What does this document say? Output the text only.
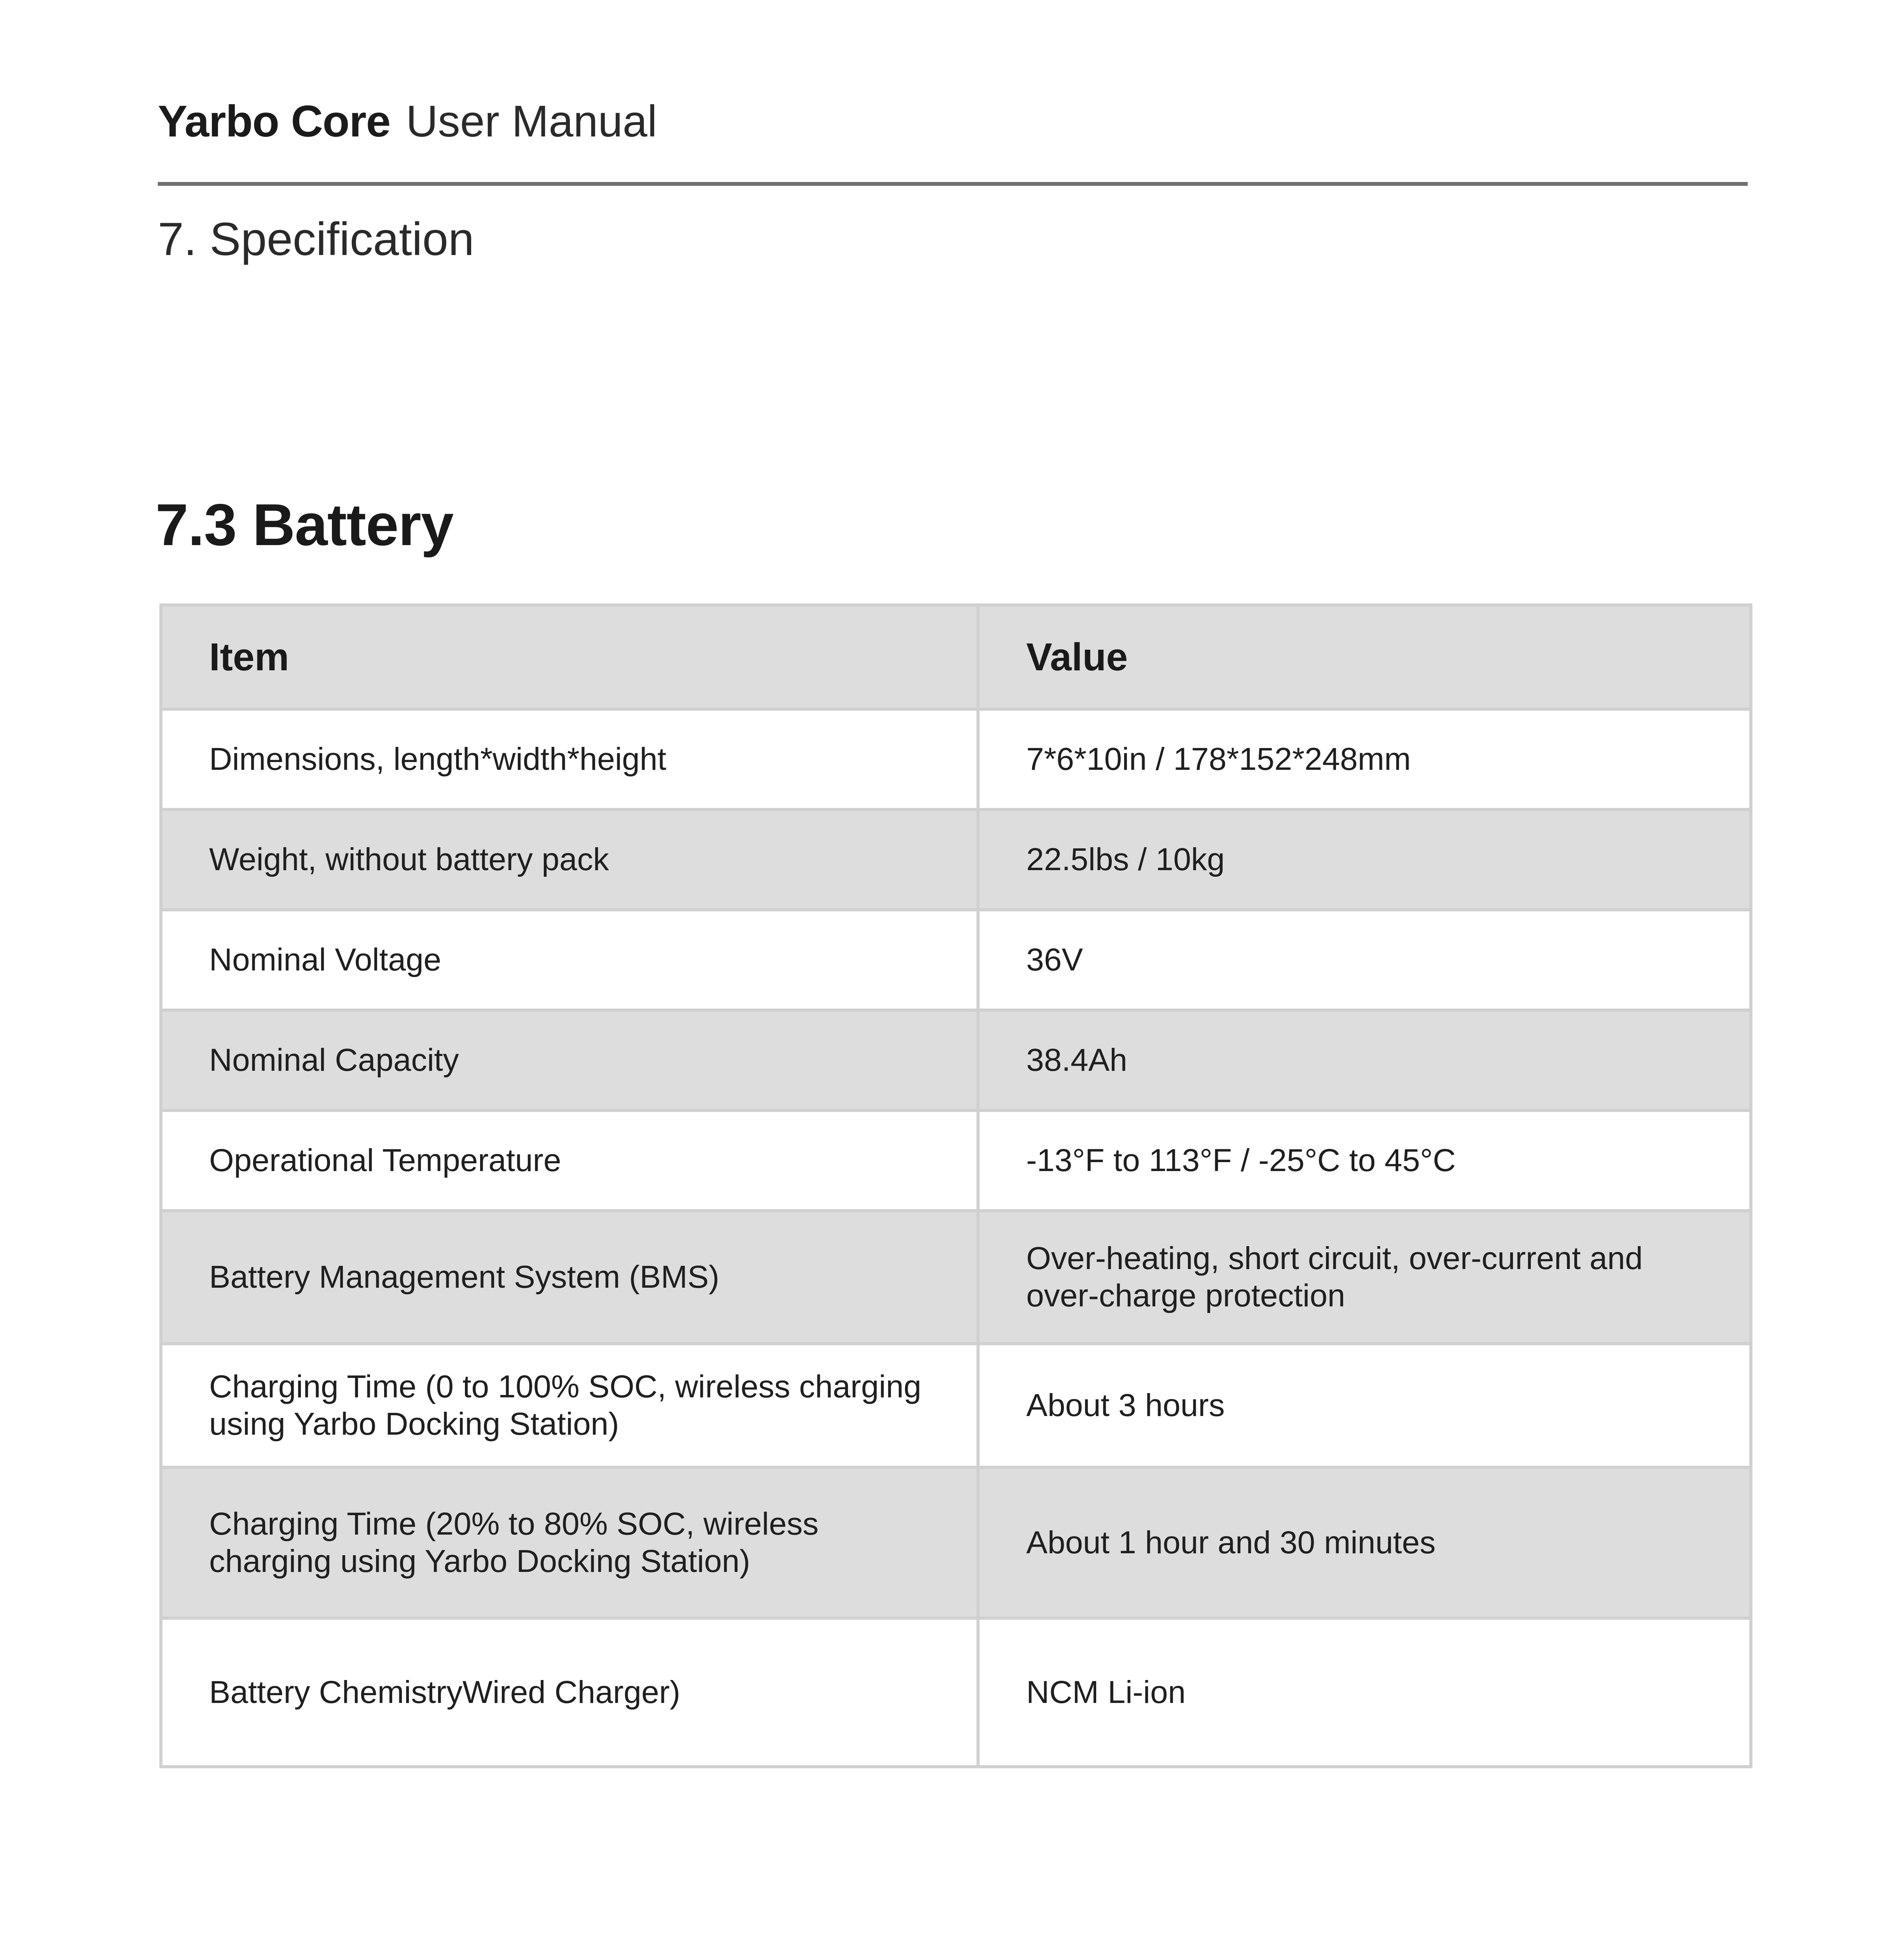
Yarbo Core User Manual
7. Specification
7.3 Battery
Item	Value
Dimensions, length*width*height	7*6*10in / 178*152*248mm
Weight, without battery pack	22.5lbs / 10kg
Nominal Voltage	36V
Nominal Capacity	38.4Ah
Operational Temperature	-13°F to 113°F / -25°C to 45°C
Battery Management System (BMS)	Over-heating, short circuit, over-current and over-charge protection
Charging Time (0 to 100% SOC, wireless charging using Yarbo Docking Station)	About 3 hours
Charging Time (20% to 80% SOC, wireless charging using Yarbo Docking Station)	About 1 hour and 30 minutes
Battery ChemistryWired Charger)	NCM Li-ion
